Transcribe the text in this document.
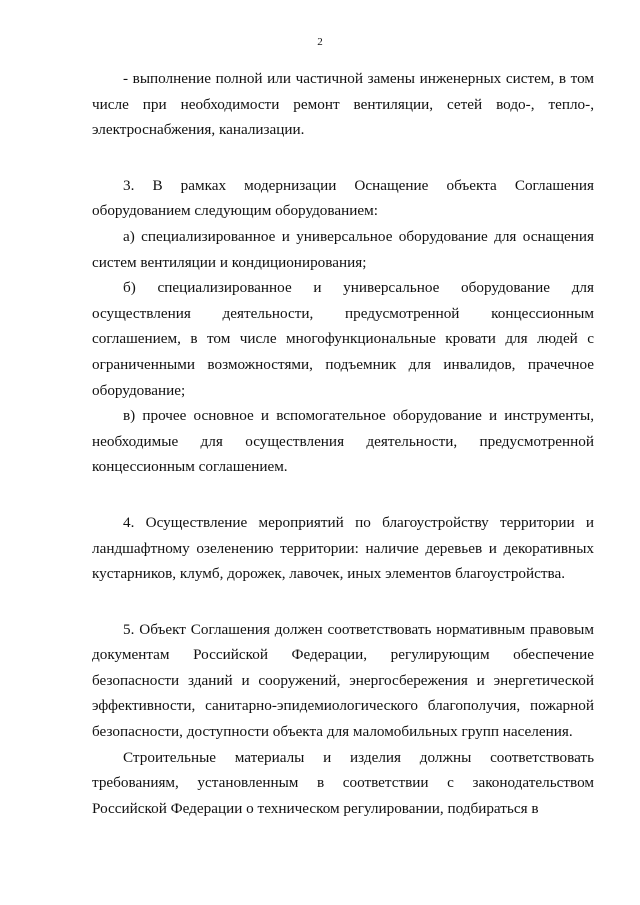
2

- выполнение полной или частичной замены инженерных систем, в том числе при необходимости ремонт вентиляции, сетей водо-, тепло-, электроснабжения, канализации.

3. В рамках модернизации Оснащение объекта Соглашения оборудованием следующим оборудованием:

а) специализированное и универсальное оборудование для оснащения систем вентиляции и кондиционирования;

б) специализированное и универсальное оборудование для осуществления деятельности, предусмотренной концессионным соглашением, в том числе многофункциональные кровати для людей с ограниченными возможностями, подъемник для инвалидов, прачечное оборудование;

в) прочее основное и вспомогательное оборудование и инструменты, необходимые для осуществления деятельности, предусмотренной концессионным соглашением.

4. Осуществление мероприятий по благоустройству территории и ландшафтному озеленению территории: наличие деревьев и декоративных кустарников, клумб, дорожек, лавочек, иных элементов благоустройства.

5. Объект Соглашения должен соответствовать нормативным правовым документам Российской Федерации, регулирующим обеспечение безопасности зданий и сооружений, энергосбережения и энергетической эффективности, санитарно-эпидемиологического благополучия, пожарной безопасности, доступности объекта для маломобильных групп населения.

Строительные материалы и изделия должны соответствовать требованиям, установленным в соответствии с законодательством Российской Федерации о техническом регулировании, подбираться в
